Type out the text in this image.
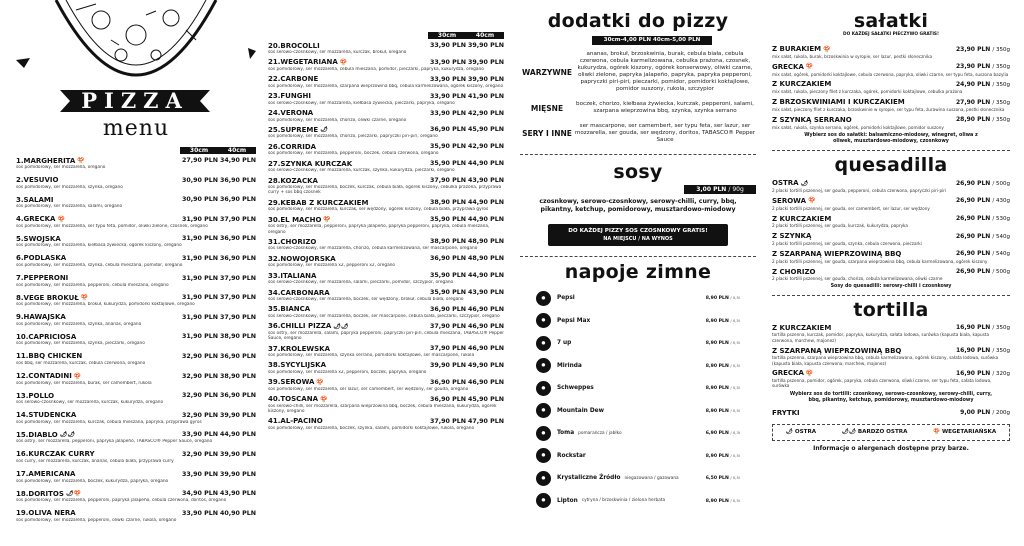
PIZZA
menu
30cm	40cm
1.MARGHERITA 🍄	27,90 PLN 34,90 PLN
sos pomidorowy, ser mozzarella, oregano
2.VESUVIO	30,90 PLN 36,90 PLN
sos pomidorowy, ser mozzarella, szynka, oregano
3.SALAMI	30,90 PLN 36,90 PLN
sos pomidorowy, ser mozzarella, salami, oregano
4.GRECKA 🍄	31,90 PLN 37,90 PLN
sos pomidorowy, ser mozzarella, ser typu feta, pomidor, oliwki zielone, czosnek, oregano
5.SWOJSKA	31,90 PLN 36,90 PLN
sos pomidorowy, ser mozzarella, kiełbasa żywiecka, ogórek kiszony, oregano
6.PODLASKA	31,90 PLN 36,90 PLN
sos pomidorowy, ser mozzarella, szynka, cebula mieszana, pomidor, oregano
7.PEPPERONI	31,90 PLN 37,90 PLN
sos pomidorowy, ser mozzarella, pepperoni, cebula mieszana, oregano
8.VEGE BROKUŁ 🍄	31,90 PLN 37,90 PLN
sos pomidorowy, ser mozzarella, brokuł, kukurydza, pomidorki koktajlowe, oregano
9.HAWAJSKA	31,90 PLN 37,90 PLN
sos pomidorowy, ser mozzarella, szynka, ananas, oregano
10.CAPRICIOSA	31,90 PLN 38,90 PLN
sos pomidorowy, ser mozzarella, szynka, pieczarki, oregano
11.BBQ CHICKEN	32,90 PLN 36,90 PLN
sos bbq, ser mozzarella, kurczak, cebula czerwona, oregano
12.CONTADINI 🍄	32,90 PLN 38,90 PLN
sos pomidorowy, ser mozzarella, burak, ser camembert, rukola
13.POLLO	32,90 PLN 36,90 PLN
sos serowo-czosnkowy, ser mozzarella, kurczak, kukurydza, oregano
14.STUDENCKA	32,90 PLN 39,90 PLN
sos pomidorowy, ser mozzarella, kurczak, cebula mieszana, papryka, przyprawa gyros
15.DIABLO 🌶🌶	33,90 PLN 44,90 PLN
sos ostry, ser mozzarella, pepperoni, papryka jalapeño, TABASCO® Pepper Sauce, oregano
16.KURCZAK CURRY	32,90 PLN 39,90 PLN
sos curry, ser mozzarella, kurczak, ananas, cebula biała, przyprawa curry
17.AMERICANA	33,90 PLN 39,90 PLN
sos pomidorowy, ser mozzarella, boczek, kukurydza, papryka, oregano
18.DORITOS 🌶🍄	34,90 PLN 43,90 PLN
sos pomidorowy, ser mozzarella, pepperoni, papryka jalapeño, cebula czerwona, doritos, oregano
19.OLIVA NERA	33,90 PLN 40,90 PLN
sos pomidorowy, ser mozzarella, pepperoni, oliwki czarne, rukola, oregano
30cm	40cm
20.BROCOLLI	33,90 PLN 39,90 PLN
sos serowo-czosnkowy, ser mozzarella, kurczak, brokuł, oregano
21.WEGETARIANA 🍄	33,90 PLN 39,90 PLN
sos pomidorowy, ser mozzarella, cebula mieszana, pomidor, pieczarki, papryka, kukurydza, oregano
22.CARBONE	33,90 PLN 39,90 PLN
sos pomidorowy, ser mozzarella, szarpana wieprzowina bbq, cebula karmelizowana, ogórek kiszony, oregano
23.FUNGHI	33,90 PLN 41,90 PLN
sos serowo-czosnkowy, ser mozzarella, kiełbasa żywiecka, pieczarki, papryka, oregano
24.VERONA	33,90 PLN 42,90 PLN
sos pomidorowy, ser mozzarella, chorizo, oliwki czarne, oregano
25.SUPREME 🌶	36,90 PLN 45,90 PLN
sos pomidorowy, ser mozzarella, chorizo, pieczarki, papryczki piri-piri, oregano
26.CORRIDA	35,90 PLN 42,90 PLN
sos pomidorowy, ser mozzarella, pepperoni, boczek, cebula czerwona, oregano
27.SZYNKA KURCZAK	35,90 PLN 44,90 PLN
sos serowo-czosnkowy, ser mozzarella, kurczak, szynka, kukurydza, pieczarki, oregano
28.KOZACKA	37,90 PLN 43,90 PLN
sos pomidorowy, ser mozzarella, boczek, kurczak, cebula biała, ogórek kiszony, cebulka prażona, przyprawa curry + sos bbq czosnek
29.KEBAB Z KURCZAKIEM	38,90 PLN 44,90 PLN
sos pomidorowy, ser mozzarella, kurczak, ser wędzony, ogórek kiszony, cebula biała, przyprawa gyros
30.EL MACHO 🍄	35,90 PLN 44,90 PLN
sos ostry, ser mozzarella, pepperoni, papryka jalapeño, papryka pepperoni, papryka, cebula mieszana, oregano
31.CHORIZO	38,90 PLN 48,90 PLN
sos serowo-czosnkowy, ser mozzarella, chorizo, cebula karmelizowana, ser mascarpone, oregano
32.NOWOJORSKA	36,90 PLN 48,90 PLN
sos pomidorowy, ser mozzarella x2, pepperoni x2, oregano
33.ITALIANA	35,90 PLN 44,90 PLN
sos serowo-czosnkowy, ser mozzarella, salami, pieczarki, pomidor, szczypior, oregano
34.CARBONARA	35,90 PLN 43,90 PLN
sos serowo-czosnkowy, ser mozzarella, boczek, ser wędzony, brokuł, cebula biała, oregano
35.BIANCA	36,90 PLN 46,90 PLN
sos serowo-czosnkowy, ser mozzarella, boczek, ser mascarpone, cebula biała, pieczarki, szczypior, oregano
36.CHILLI PIZZA 🌶🌶	37,90 PLN 46,90 PLN
sos ostry, ser mozzarella, salami, papryka pepperoni, papryczki piri-piri, cebula mieszana, TABASCO® Pepper Sauce, oregano
37.KRÓLEWSKA	37,90 PLN 46,90 PLN
sos pomidorowy, ser mozzarella, szynka serrano, pomidorki koktajlowe, ser mascarpone, rukola
38.SYCYLIJSKA	39,90 PLN 49,90 PLN
sos pomidorowy, ser mozzarella x2, pepperoni, boczek, papryka, oregano
39.SEROWA 🍄	36,90 PLN 46,90 PLN
sos pomidorowy, ser mozzarella, ser lazur, ser camembert, ser wędzony, ser gouda, oregano
40.TOSCANA 🍄	36,90 PLN 45,90 PLN
sos serowo-chilli, ser mozzarella, szarpana wieprzowina bbq, boczek, cebula mieszana, kukurydza, ogórek kiszony, oregano
41.AL-PACINO	37,90 PLN 47,90 PLN
sos pomidorowy, ser mozzarella, boczek, szynka, salami, pomidorki koktajlowe, rukola, oregano
dodatki do pizzy
30cm-4,00 PLN 40cm-5,00 PLN
WARZYWNE
ananas, brokuł, brzoskwinia, burak, cebula biała, cebula czerwona, cebula karmelizowana, cebulka prażona, czosnek, kukurydza, ogórek kiszony, ogórek konserwowy, oliwki czarne, oliwki zielone, papryka jalapeño, papryka, papryka pepperoni, papryczki piri-piri, pieczarki, pomidor, pomidorki koktajlowe, pomidor suszony, rukola, szczypior
MIĘSNE	boczek, chorizo, kiełbasa żywiecka, kurczak, pepperoni, salami, szarpana wieprzowina bbq, szynka, szynka serrano
SERY I INNE
ser mascarpone, ser camembert, ser typu feta, ser lazur, ser mozzarella, ser gouda, ser wędzony, doritos, TABASCO® Pepper Sauce
sosy
3,00 PLN / 90g
czosnkowy, serowo-czosnkowy, serowy-chilli, curry, bbq, pikantny, ketchup, pomidorowy, musztardowo-miodowy
DO KAŻDEJ PIZZY SOS CZOSNKOWY GRATIS!
NA MIEJSCU / NA WYNOS
napoje zimne
●	Pepsi	8,90 PLN / 0,5l
●	Pepsi Max	8,90 PLN / 0,5l
●	7 up	8,90 PLN / 0,5l
●	Mirinda	8,90 PLN / 0,5l
●	Schweppes	8,90 PLN / 0,5l
●	Mountain Dew	8,90 PLN / 0,5l
●	Toma pomarańcza / jabłko	6,90 PLN / 0,3l
●	Rockstar	8,90 PLN / 0,5l
●	Krystaliczne Źródło niegazowana / gazowana	6,50 PLN / 0,5l
●	Lipton cytryna / brzoskwinia / zielona herbata	8,90 PLN / 0,5l
sałatki
DO KAŻDEJ SAŁATKI PIECZYWO GRATIS!
Z BURAKIEM 🍄	23,90 PLN / 350g
mix sałat, rukola, burak, brzoskwinia w syropie, ser lazur, pestki słonecznika
GRECKA 🍄	23,90 PLN / 350g
mix sałat, ogórek, pomidorki koktajlowe, cebula czerwona, papryka, oliwki czarne, ser typu feta, suszona bazylia
Z KURCZAKIEM	24,90 PLN / 350g
mix sałat, rukola, pieczony filet z kurczaka, ogórek, pomidorki koktajlowe, cebulka prażona
Z BRZOSKWINIAMI I KURCZAKIEM	27,90 PLN / 350g
mix sałat, pieczony filet z kurczaka, brzoskwinie w syropie, ser typu feta, żurawina suszona, pestki słonecznika
Z SZYNKĄ SERRANO	28,90 PLN / 350g
mix sałat, rukola, szynka serrano, ogórek, pomidorki koktajlowe, pomidor suszony
Wybierz sos do sałatki: balsamiczno-miodowy, winegret, oliwa z oliwek, musztardowo-miodowy, czosnkowy
quesadilla
OSTRA 🌶	26,90 PLN / 500g
2 placki tortilli pszennej, ser gouda, pepperoni, cebula czerwona, papryczki piri-piri
SEROWA 🍄	26,90 PLN / 430g
2 placki tortilli pszennej, ser gouda, ser camembert, ser lazur, ser wędzony
Z KURCZAKIEM	26,90 PLN / 530g
2 placki tortilli pszennej, ser gouda, kurczak, kukurydza, papryka
Z SZYNKĄ	26,90 PLN / 540g
2 placki tortilli pszennej, ser gouda, szynka, cebula czerwona, pieczarki
Z SZARPANĄ WIEPRZOWINĄ BBQ	26,90 PLN / 540g
2 placki tortilli pszennej, ser gouda, szarpana wieprzowina bbq, cebula karmelizowana, ogórek kiszony
Z CHORIZO	26,90 PLN / 500g
2 placki tortilli pszennej, ser gouda, chorizo, cebula karmelizowana, oliwki czarne
Sosy do quesadilli: serowy-chilli i czosnkowy
tortilla
Z KURCZAKIEM	16,90 PLN / 350g
tortilla pszenna, kurczak, pomidor, papryka, kukurydza, sałata lodowa, surówka (kapusta biała, kapusta czerwona, marchew, majonez)
Z SZARPANĄ WIEPRZOWINĄ BBQ	16,90 PLN / 350g
tortilla pszenna, szarpana wieprzowina bbq, cebula karmelizowana, ogórek kiszony, sałata lodowa, surówka (kapusta biała, kapusta czerwona, marchew, majonez)
GRECKA 🍄	16,90 PLN / 320g
tortilla pszenna, pomidor, ogórek, papryka, cebula czerwona, oliwki czarne, ser typu feta, sałata lodowa, surówka
Wybierz sos do tortilli: czosnkowy, serowo-czosnkowy, serowy-chilli, curry, bbq, pikantny, ketchup, pomidorowy, musztardowo-miodowy
FRYTKI	9,00 PLN / 200g
🌶 OSTRA	🌶🌶 BARDZO OSTRA	🍄 WEGETARIAŃSKA
Informacje o alergenach dostępne przy barze.
